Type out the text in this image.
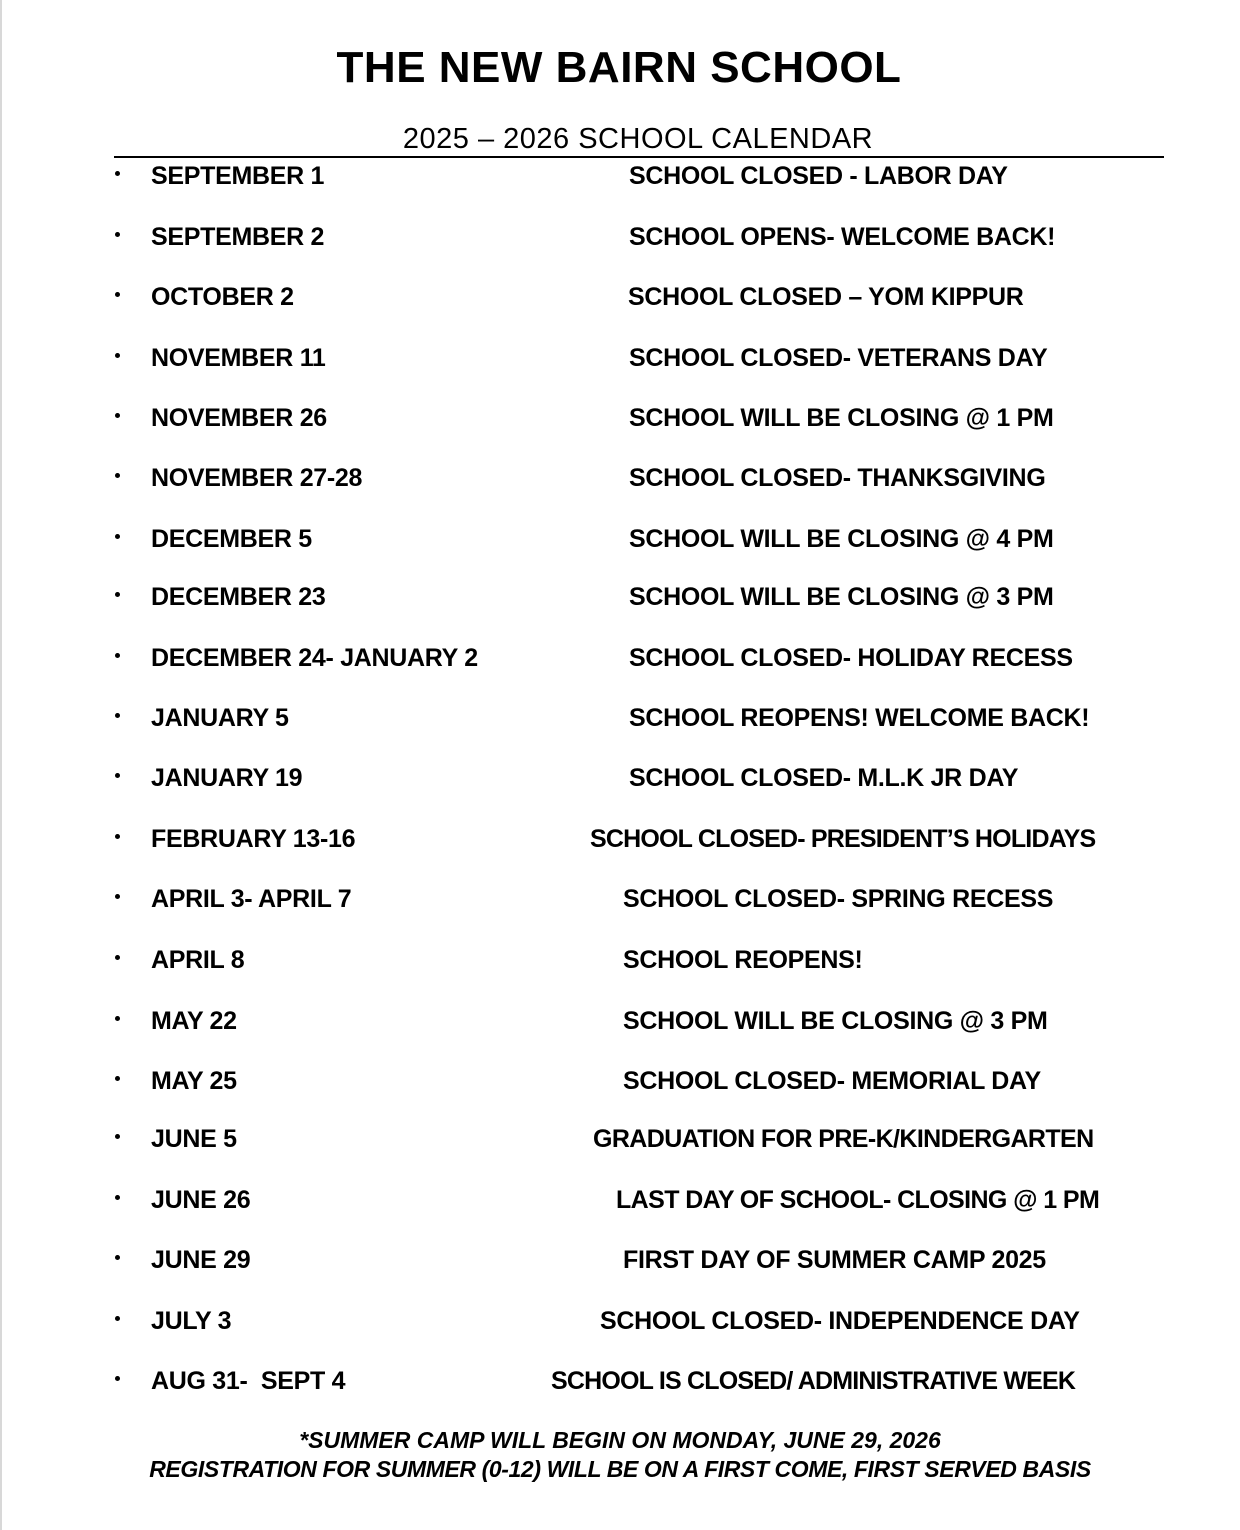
THE NEW BAIRN SCHOOL
2025 – 2026 SCHOOL CALENDAR
SEPTEMBER 1	SCHOOL CLOSED - LABOR DAY
SEPTEMBER 2	SCHOOL OPENS- WELCOME BACK!
OCTOBER 2	SCHOOL CLOSED – YOM KIPPUR
NOVEMBER 11	SCHOOL CLOSED- VETERANS DAY
NOVEMBER 26	SCHOOL WILL BE CLOSING @ 1 PM
NOVEMBER 27-28	SCHOOL CLOSED- THANKSGIVING
DECEMBER 5	SCHOOL WILL BE CLOSING @ 4 PM
DECEMBER 23	SCHOOL WILL BE CLOSING @ 3 PM
DECEMBER 24- JANUARY 2	SCHOOL CLOSED- HOLIDAY RECESS
JANUARY 5	SCHOOL REOPENS! WELCOME BACK!
JANUARY 19	SCHOOL CLOSED- M.L.K JR DAY
FEBRUARY 13-16	SCHOOL CLOSED- PRESIDENT’S HOLIDAYS
APRIL 3- APRIL 7	SCHOOL CLOSED- SPRING RECESS
APRIL 8	SCHOOL REOPENS!
MAY 22	SCHOOL WILL BE CLOSING @ 3 PM
MAY 25	SCHOOL CLOSED- MEMORIAL DAY
JUNE 5	GRADUATION FOR PRE-K/KINDERGARTEN
JUNE 26	LAST DAY OF SCHOOL- CLOSING @ 1 PM
JUNE 29	FIRST DAY OF SUMMER CAMP 2025
JULY 3	SCHOOL CLOSED- INDEPENDENCE DAY
AUG 31-  SEPT 4	SCHOOL IS CLOSED/ ADMINISTRATIVE WEEK
*SUMMER CAMP WILL BEGIN ON MONDAY, JUNE 29, 2026
REGISTRATION FOR SUMMER (0-12) WILL BE ON A FIRST COME, FIRST SERVED BASIS
